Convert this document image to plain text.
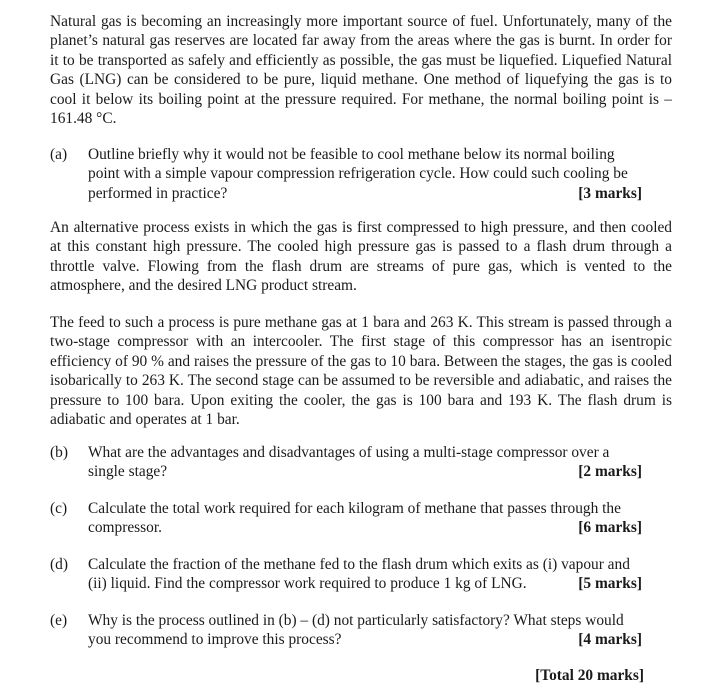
Natural gas is becoming an increasingly more important source of fuel. Unfortunately, many of the planet’s natural gas reserves are located far away from the areas where the gas is burnt. In order for it to be transported as safely and efficiently as possible, the gas must be liquefied. Liquefied Natural Gas (LNG) can be considered to be pure, liquid methane. One method of liquefying the gas is to cool it below its boiling point at the pressure required. For methane, the normal boiling point is – 161.48 °C.

(a) Outline briefly why it would not be feasible to cool methane below its normal boiling point with a simple vapour compression refrigeration cycle. How could such cooling be performed in practice?	[3 marks]

An alternative process exists in which the gas is first compressed to high pressure, and then cooled at this constant high pressure. The cooled high pressure gas is passed to a flash drum through a throttle valve. Flowing from the flash drum are streams of pure gas, which is vented to the atmosphere, and the desired LNG product stream.

The feed to such a process is pure methane gas at 1 bara and 263 K. This stream is passed through a two-stage compressor with an intercooler. The first stage of this compressor has an isentropic efficiency of 90 % and raises the pressure of the gas to 10 bara. Between the stages, the gas is cooled isobarically to 263 K. The second stage can be assumed to be reversible and adiabatic, and raises the pressure to 100 bara. Upon exiting the cooler, the gas is 100 bara and 193 K. The flash drum is adiabatic and operates at 1 bar.

(b) What are the advantages and disadvantages of using a multi-stage compressor over a single stage?	[2 marks]
(c) Calculate the total work required for each kilogram of methane that passes through the compressor.	[6 marks]
(d) Calculate the fraction of the methane fed to the flash drum which exits as (i) vapour and (ii) liquid. Find the compressor work required to produce 1 kg of LNG.	[5 marks]
(e) Why is the process outlined in (b) – (d) not particularly satisfactory? What steps would you recommend to improve this process?	[4 marks]
[Total 20 marks]
